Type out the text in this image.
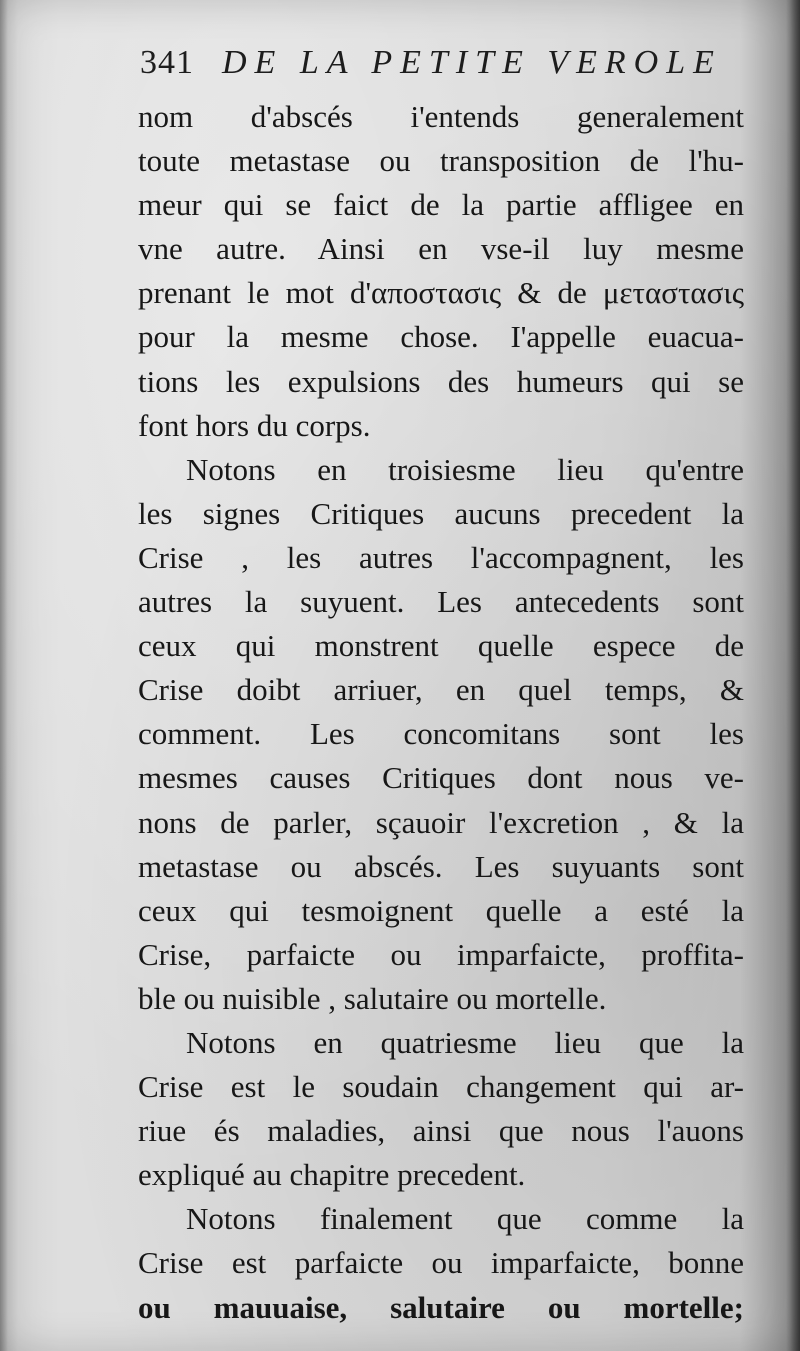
341 DE LA PETITE VEROLE
nom d'abscés i'entends generalement
toute metastase ou transposition de l'hu-
meur qui se faict de la partie affligee en
vne autre. Ainsi en vse-il luy mesme
prenant le mot d'αποστασις & de μεταστασις
pour la mesme chose. I'appelle euacua-
tions les expulsions des humeurs qui se
font hors du corps.
Notons en troisiesme lieu qu'entre
les signes Critiques aucuns precedent la
Crise , les autres l'accompagnent, les
autres la suyuent. Les antecedents sont
ceux qui monstrent quelle espece de
Crise doibt arriuer, en quel temps, &
comment. Les concomitans sont les
mesmes causes Critiques dont nous ve-
nons de parler, sçauoir l'excretion , & la
metastase ou abscés. Les suyuants sont
ceux qui tesmoignent quelle a esté la
Crise, parfaicte ou imparfaicte, proffita-
ble ou nuisible , salutaire ou mortelle.
Notons en quatriesme lieu que la
Crise est le soudain changement qui ar-
riue és maladies, ainsi que nous l'auons
expliqué au chapitre precedent.
Notons finalement que comme la
Crise est parfaicte ou imparfaicte, bonne
ou mauuaise, salutaire ou mortelle;
